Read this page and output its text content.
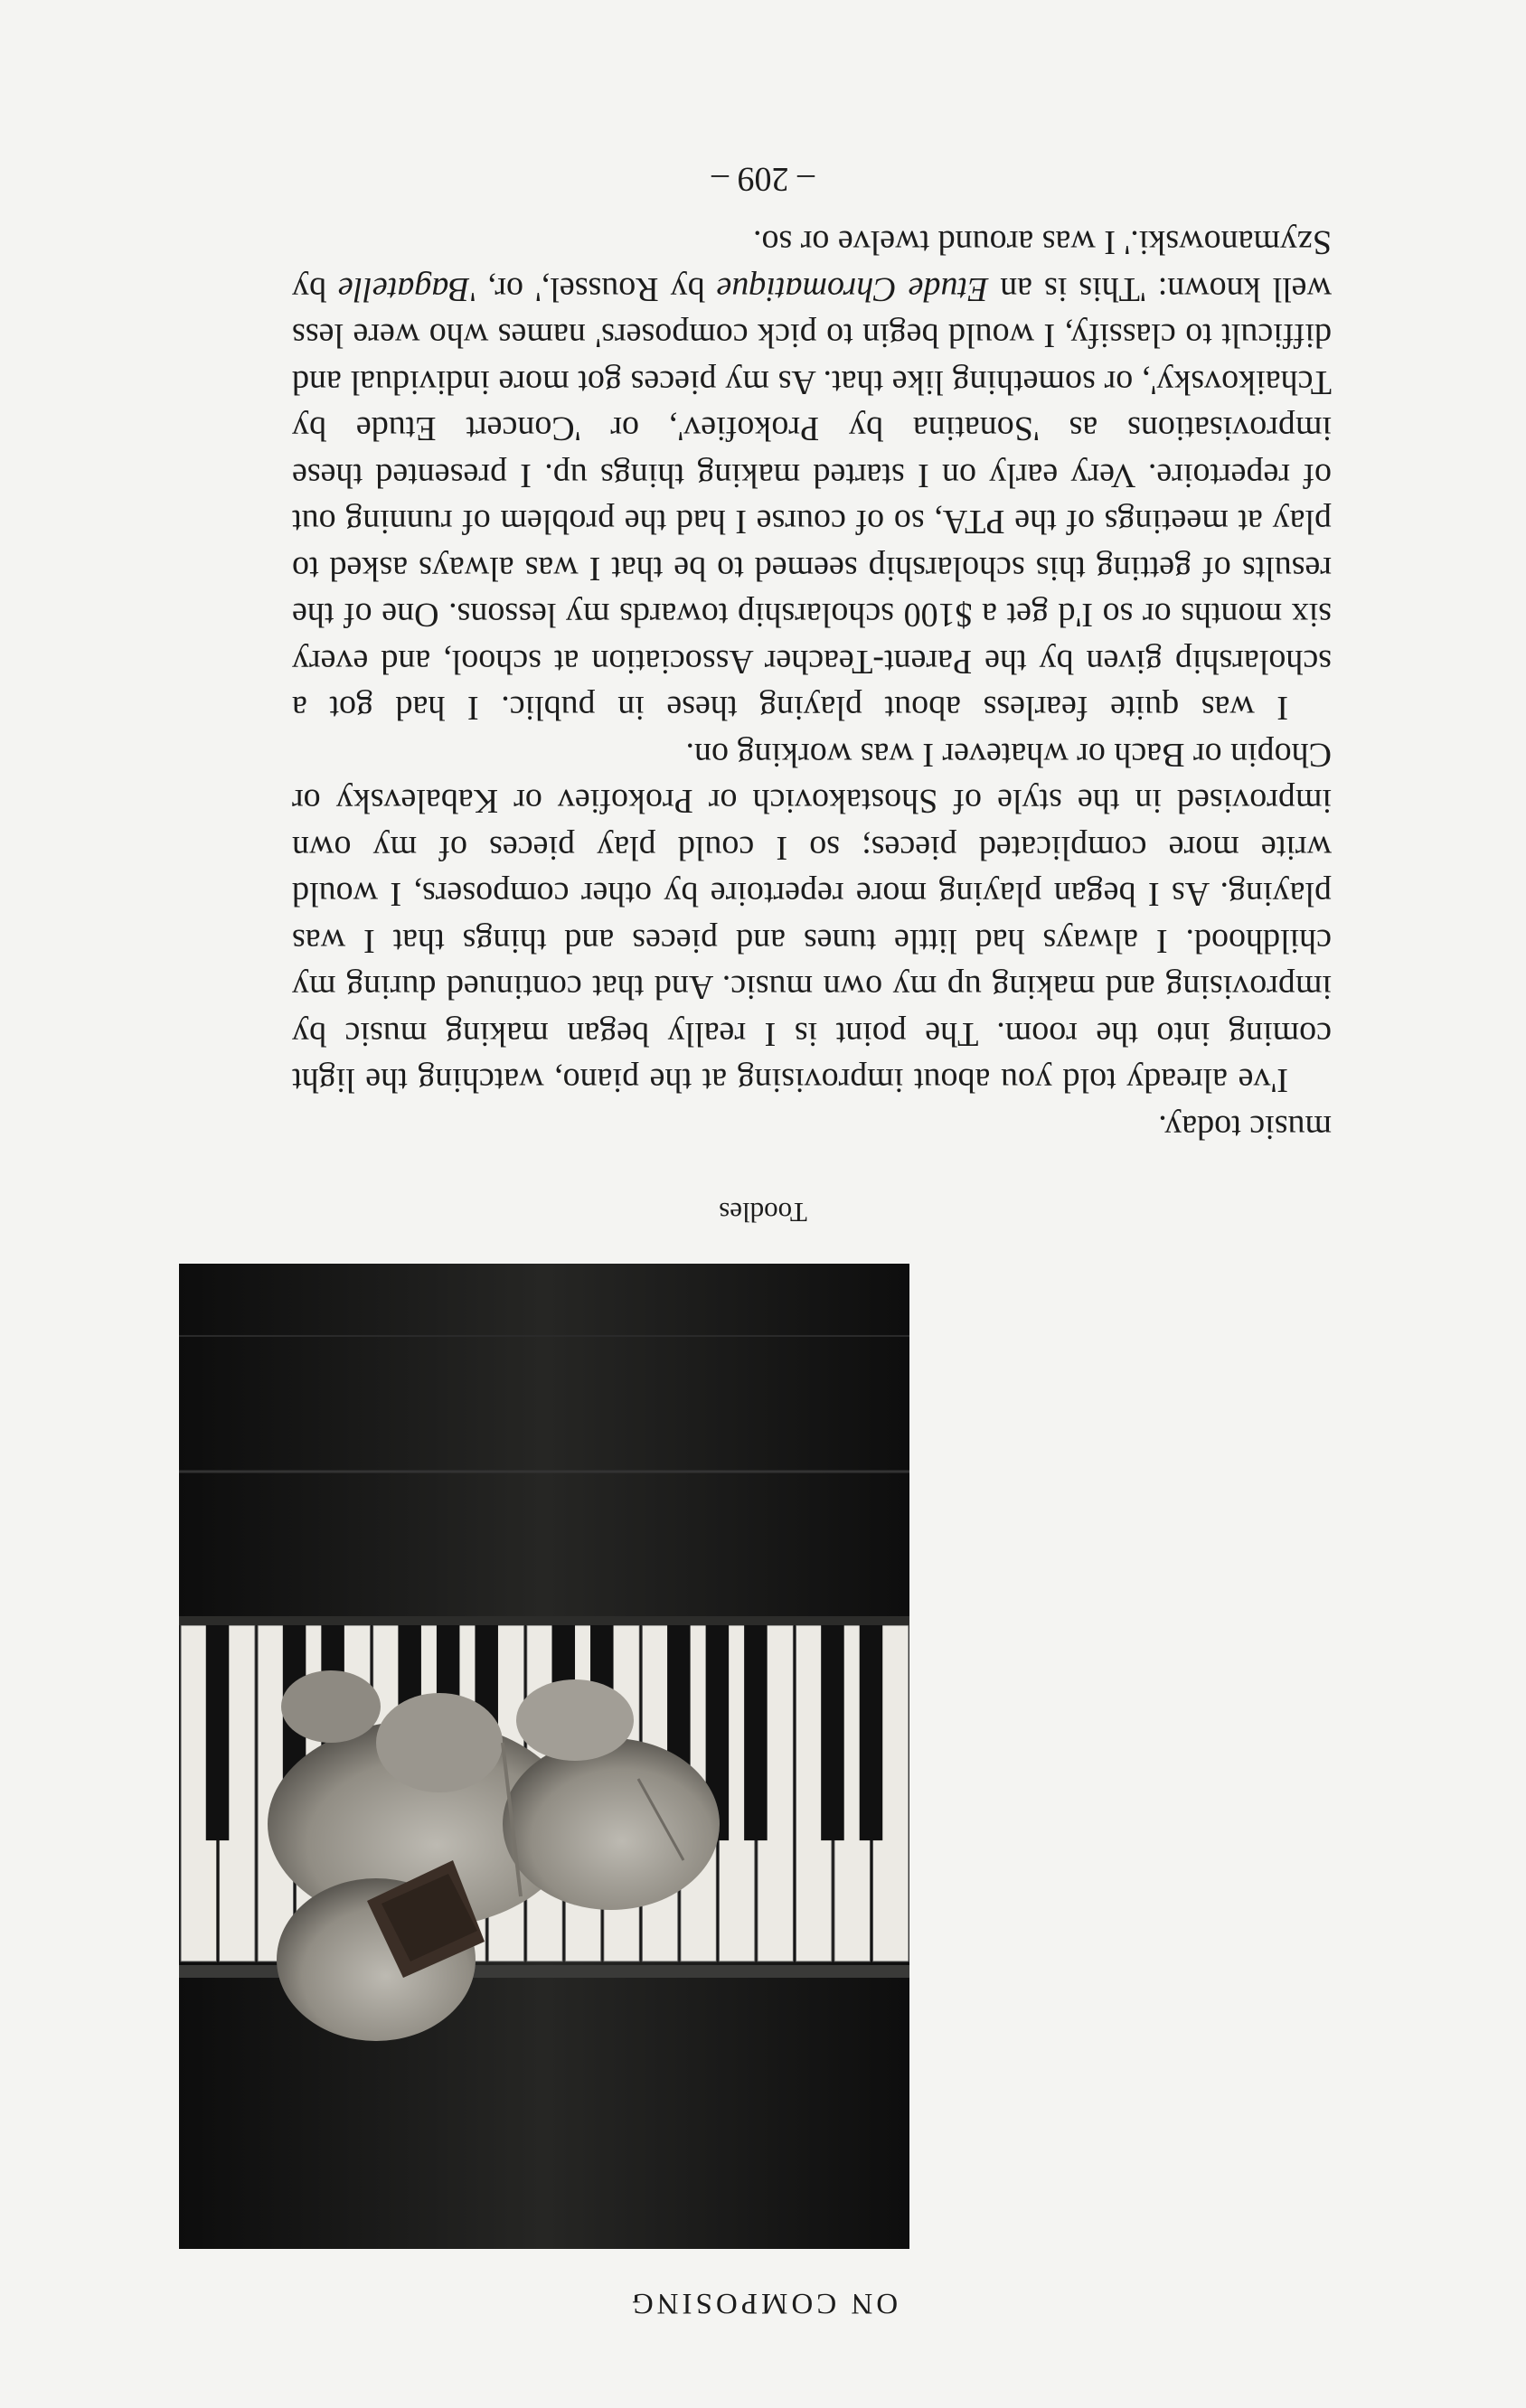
ON COMPOSING
Toodles

music today.

I've already told you about improvising at the piano, watching the light coming into the room. The point is I really began making music by improvising and making up my own music. And that continued during my childhood. I always had little tunes and pieces and things that I was playing. As I began playing more repertoire by other composers, I would write more complicated pieces; so I could play pieces of my own improvised in the style of Shostakovich or Prokofiev or Kabalevsky or Chopin or Bach or whatever I was working on.

I was quite fearless about playing these in public. I had got a scholarship given by the Parent-Teacher Association at school, and every six months or so I'd get a $100 scholarship towards my lessons. One of the results of getting this scholarship seemed to be that I was always asked to play at meetings of the PTA, so of course I had the problem of running out of repertoire. Very early on I started making things up. I presented these improvisations as 'Sonatina by Prokofiev', or 'Concert Etude by Tchaikovsky', or something like that. As my pieces got more individual and difficult to classify, I would begin to pick composers' names who were less well known: 'This is an Etude Chromatique by Roussel,' or, 'Bagatelle by Szymanowski.' I was around twelve or so.

– 209 –
